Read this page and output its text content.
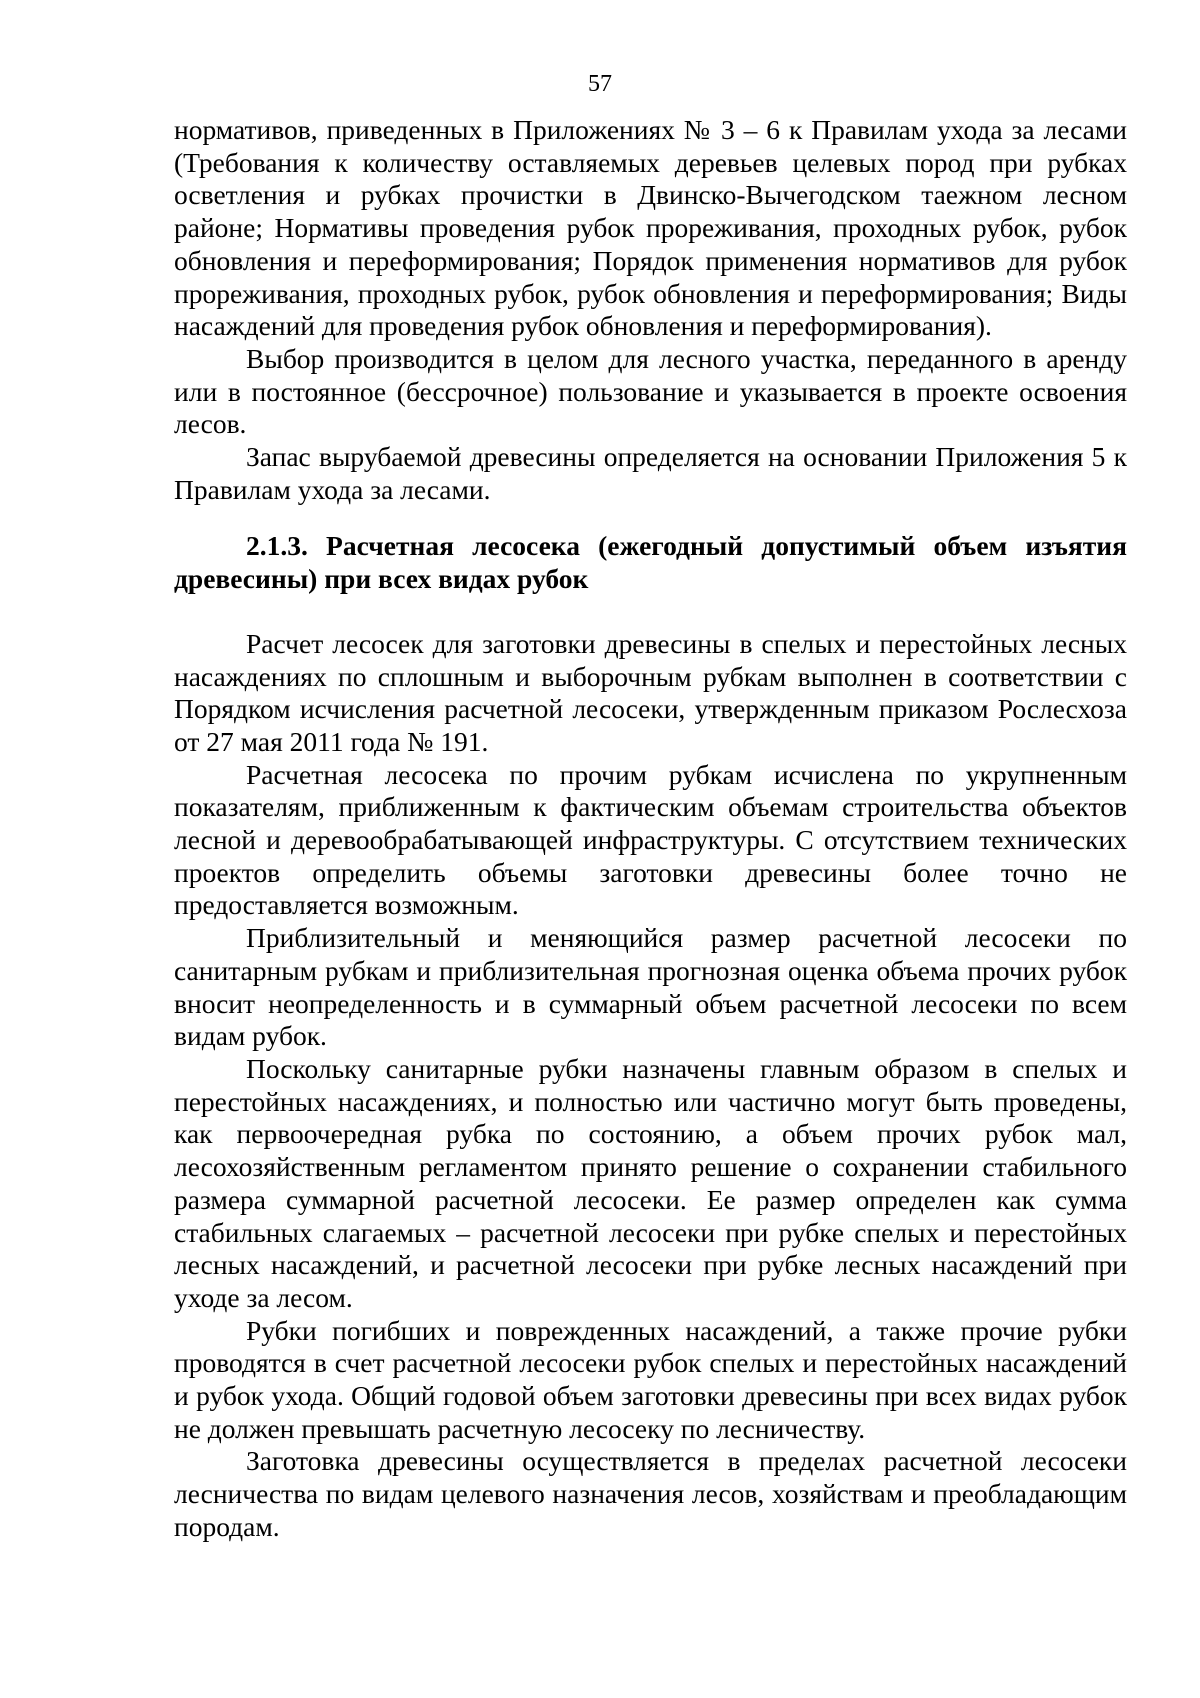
57

нормативов, приведенных в Приложениях № 3 – 6 к Правилам ухода за лесами (Требования к количеству оставляемых деревьев целевых пород при рубках осветления и рубках прочистки в Двинско-Вычегодском таежном лесном районе; Нормативы проведения рубок прореживания, проходных рубок, рубок обновления и переформирования; Порядок применения нормативов для рубок прореживания, проходных рубок, рубок обновления и переформирования; Виды насаждений для проведения рубок обновления и переформирования).

Выбор производится в целом для лесного участка, переданного в аренду или в постоянное (бессрочное) пользование и указывается в проекте освоения лесов.

Запас вырубаемой древесины определяется на основании Приложения 5 к Правилам ухода за лесами.

2.1.3. Расчетная лесосека (ежегодный допустимый объем изъятия древесины) при всех видах рубок

Расчет лесосек для заготовки древесины в спелых и перестойных лесных насаждениях по сплошным и выборочным рубкам выполнен в соответствии с Порядком исчисления расчетной лесосеки, утвержденным приказом Рослесхоза от 27 мая 2011 года № 191.

Расчетная лесосека по прочим рубкам исчислена по укрупненным показателям, приближенным к фактическим объемам строительства объектов лесной и деревообрабатывающей инфраструктуры. С отсутствием технических проектов определить объемы заготовки древесины более точно не предоставляется возможным.

Приблизительный и меняющийся размер расчетной лесосеки по санитарным рубкам и приблизительная прогнозная оценка объема прочих рубок вносит неопределенность и в суммарный объем расчетной лесосеки по всем видам рубок.

Поскольку санитарные рубки назначены главным образом в спелых и перестойных насаждениях, и полностью или частично могут быть проведены, как первоочередная рубка по состоянию, а объем прочих рубок мал, лесохозяйственным регламентом принято решение о сохранении стабильного размера суммарной расчетной лесосеки. Ее размер определен как сумма стабильных слагаемых – расчетной лесосеки при рубке спелых и перестойных лесных насаждений, и расчетной лесосеки при рубке лесных насаждений при уходе за лесом.

Рубки погибших и поврежденных насаждений, а также прочие рубки проводятся в счет расчетной лесосеки рубок спелых и перестойных насаждений и рубок ухода. Общий годовой объем заготовки древесины при всех видах рубок не должен превышать расчетную лесосеку по лесничеству.

Заготовка древесины осуществляется в пределах расчетной лесосеки лесничества по видам целевого назначения лесов, хозяйствам и преобладающим породам.
